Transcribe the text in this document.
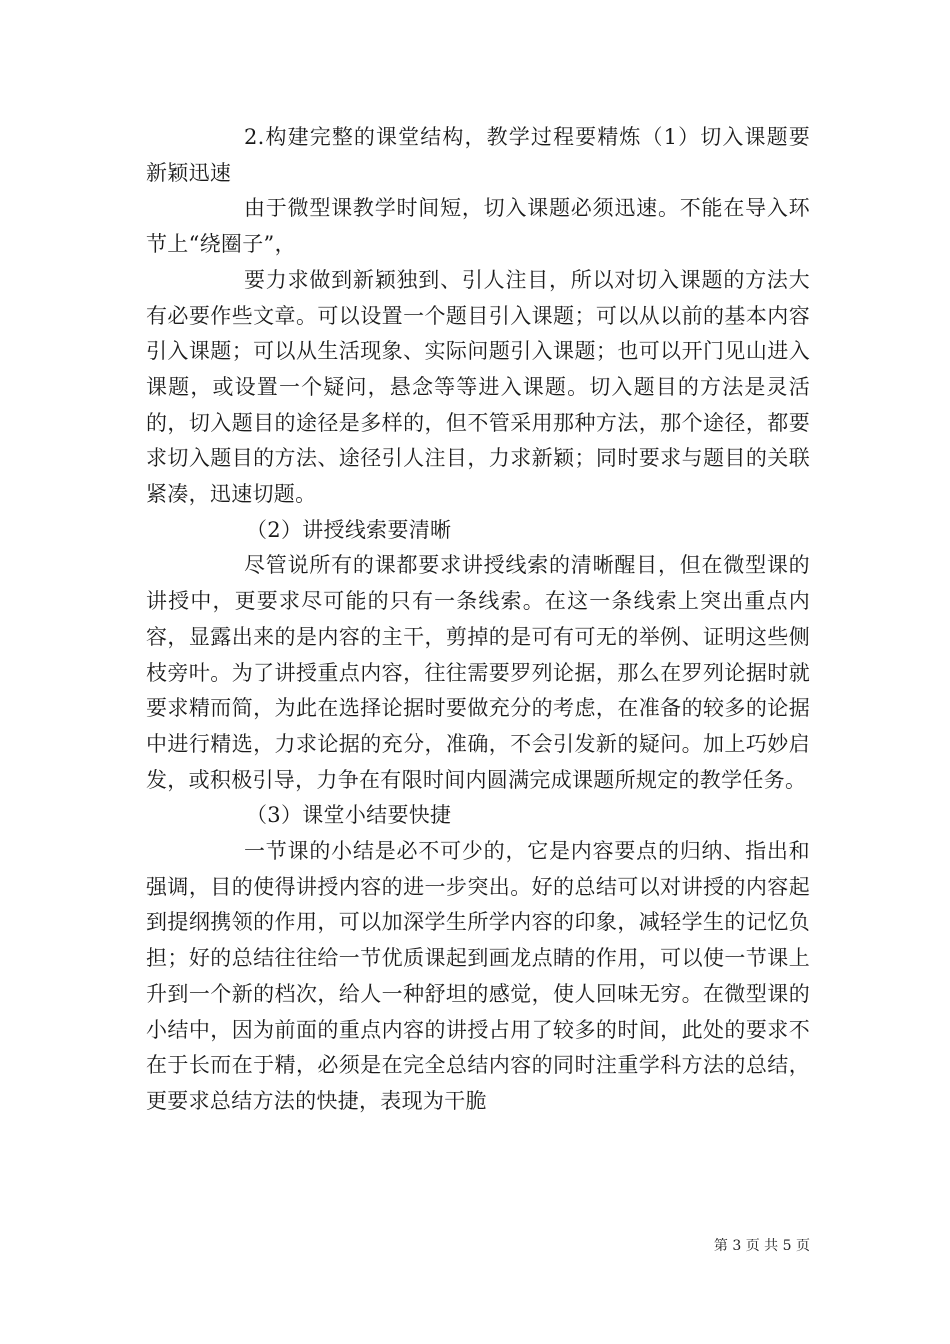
2.构建完整的课堂结构，教学过程要精炼（1）切入课题要新颖迅速

由于微型课教学时间短，切入课题必须迅速。不能在导入环节上“绕圈子”，

要力求做到新颖独到、引人注目，所以对切入课题的方法大有必要作些文章。可以设置一个题目引入课题；可以从以前的基本内容引入课题；可以从生活现象、实际问题引入课题；也可以开门见山进入课题，或设置一个疑问，悬念等等进入课题。切入题目的方法是灵活的，切入题目的途径是多样的，但不管采用那种方法，那个途径，都要求切入题目的方法、途径引人注目，力求新颖；同时要求与题目的关联紧凑，迅速切题。

（2）讲授线索要清晰

尽管说所有的课都要求讲授线索的清晰醒目，但在微型课的讲授中，更要求尽可能的只有一条线索。在这一条线索上突出重点内容，显露出来的是内容的主干，剪掉的是可有可无的举例、证明这些侧枝旁叶。为了讲授重点内容，往往需要罗列论据，那么在罗列论据时就要求精而简，为此在选择论据时要做充分的考虑，在准备的较多的论据中进行精选，力求论据的充分，准确，不会引发新的疑问。加上巧妙启发，或积极引导，力争在有限时间内圆满完成课题所规定的教学任务。

（3）课堂小结要快捷

一节课的小结是必不可少的，它是内容要点的归纳、指出和强调，目的使得讲授内容的进一步突出。好的总结可以对讲授的内容起到提纲携领的作用，可以加深学生所学内容的印象，减轻学生的记忆负担；好的总结往往给一节优质课起到画龙点睛的作用，可以使一节课上升到一个新的档次，给人一种舒坦的感觉，使人回味无穷。在微型课的小结中，因为前面的重点内容的讲授占用了较多的时间，此处的要求不在于长而在于精，必须是在完全总结内容的同时注重学科方法的总结，更要求总结方法的快捷，表现为干脆

第 3 页 共 5 页
